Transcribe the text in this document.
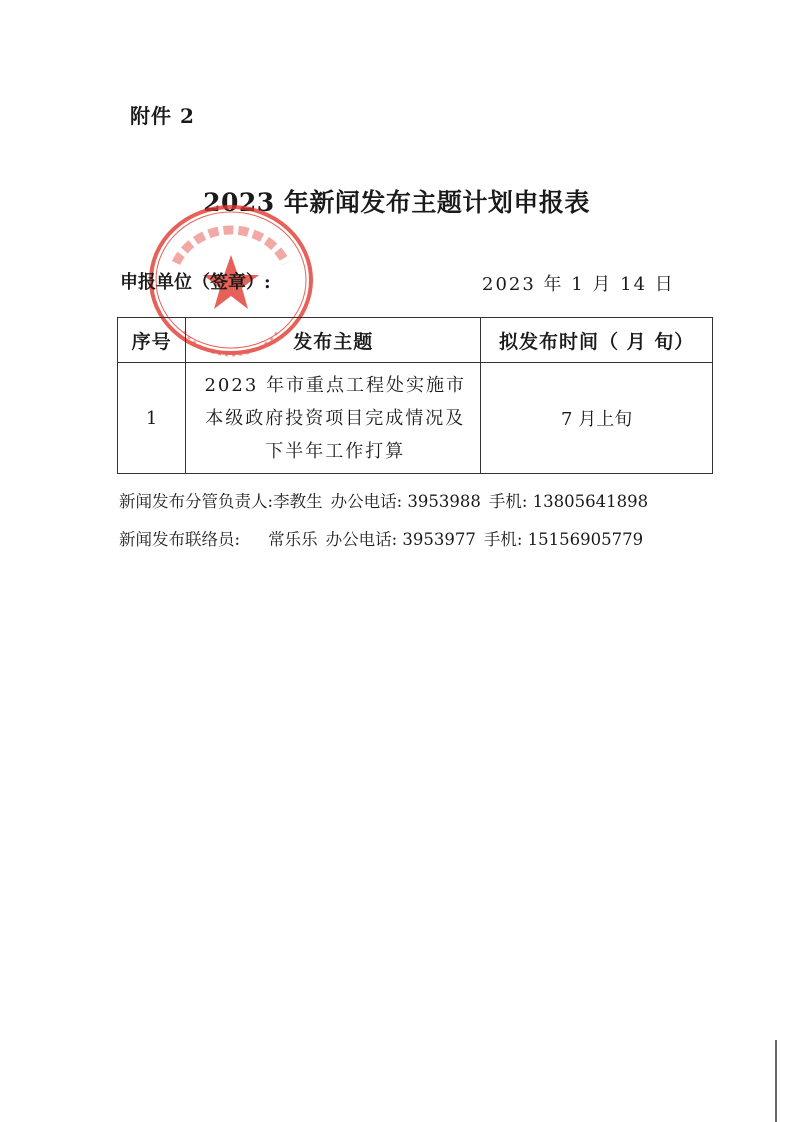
附件 2
2023 年新闻发布主题计划申报表
申报单位（签章）:	2023 年 1 月 14 日
序号	发布主题	拟发布时间（ 月 旬）
1	2023 年市重点工程处实施市本级政府投资项目完成情况及下半年工作打算	7 月上旬
新闻发布分管负责人:李教生 办公电话: 3953988 手机: 13805641898
新闻发布联络员: 常乐乐 办公电话: 3953977 手机: 15156905779
